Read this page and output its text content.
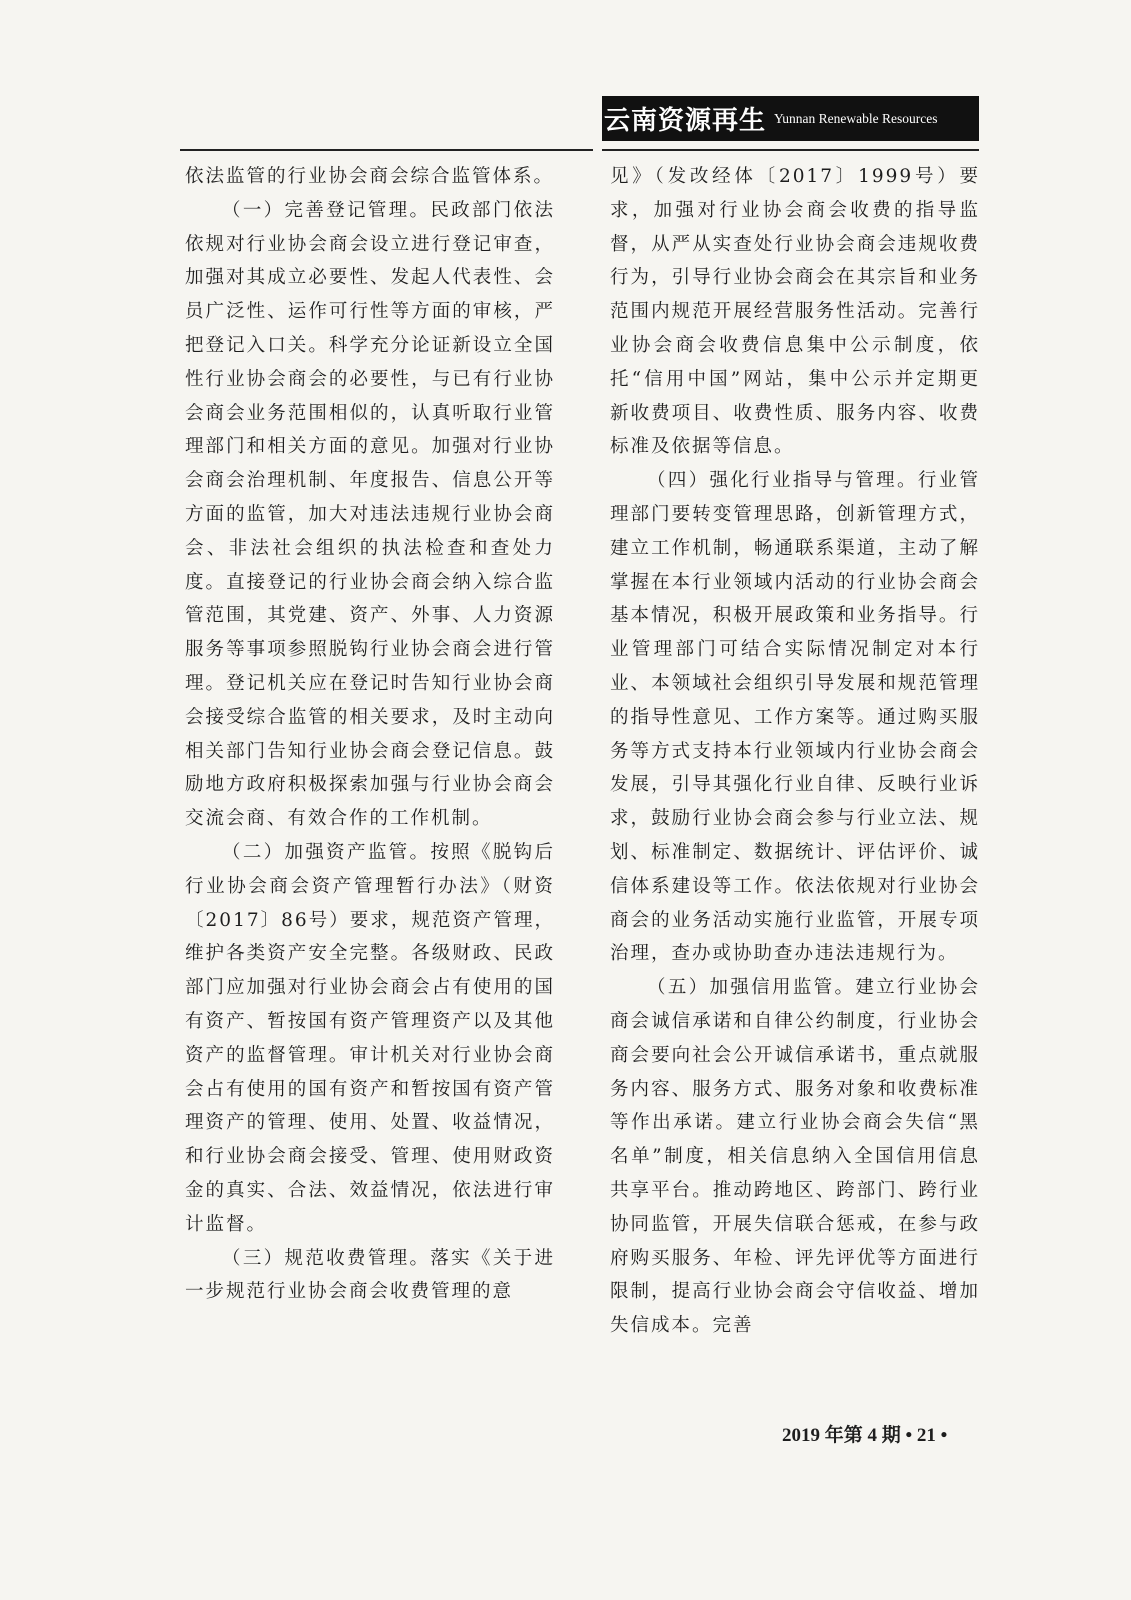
云南资源再生 Yunnan Renewable Resources

依法监管的行业协会商会综合监管体系。

（一）完善登记管理。民政部门依法依规对行业协会商会设立进行登记审查，加强对其成立必要性、发起人代表性、会员广泛性、运作可行性等方面的审核，严把登记入口关。科学充分论证新设立全国性行业协会商会的必要性，与已有行业协会商会业务范围相似的，认真听取行业管理部门和相关方面的意见。加强对行业协会商会治理机制、年度报告、信息公开等方面的监管，加大对违法违规行业协会商会、非法社会组织的执法检查和查处力度。直接登记的行业协会商会纳入综合监管范围，其党建、资产、外事、人力资源服务等事项参照脱钩行业协会商会进行管理。登记机关应在登记时告知行业协会商会接受综合监管的相关要求，及时主动向相关部门告知行业协会商会登记信息。鼓励地方政府积极探索加强与行业协会商会交流会商、有效合作的工作机制。

（二）加强资产监管。按照《脱钩后行业协会商会资产管理暂行办法》（财资〔2017〕86号）要求，规范资产管理，维护各类资产安全完整。各级财政、民政部门应加强对行业协会商会占有使用的国有资产、暂按国有资产管理资产以及其他资产的监督管理。审计机关对行业协会商会占有使用的国有资产和暂按国有资产管理资产的管理、使用、处置、收益情况，和行业协会商会接受、管理、使用财政资金的真实、合法、效益情况，依法进行审计监督。

（三）规范收费管理。落实《关于进一步规范行业协会商会收费管理的意

见》（发改经体〔2017〕1999号）要求，加强对行业协会商会收费的指导监督，从严从实查处行业协会商会违规收费行为，引导行业协会商会在其宗旨和业务范围内规范开展经营服务性活动。完善行业协会商会收费信息集中公示制度，依托“信用中国”网站，集中公示并定期更新收费项目、收费性质、服务内容、收费标准及依据等信息。

（四）强化行业指导与管理。行业管理部门要转变管理思路，创新管理方式，建立工作机制，畅通联系渠道，主动了解掌握在本行业领域内活动的行业协会商会基本情况，积极开展政策和业务指导。行业管理部门可结合实际情况制定对本行业、本领域社会组织引导发展和规范管理的指导性意见、工作方案等。通过购买服务等方式支持本行业领域内行业协会商会发展，引导其强化行业自律、反映行业诉求，鼓励行业协会商会参与行业立法、规划、标准制定、数据统计、评估评价、诚信体系建设等工作。依法依规对行业协会商会的业务活动实施行业监管，开展专项治理，查办或协助查办违法违规行为。

（五）加强信用监管。建立行业协会商会诚信承诺和自律公约制度，行业协会商会要向社会公开诚信承诺书，重点就服务内容、服务方式、服务对象和收费标准等作出承诺。建立行业协会商会失信“黑名单”制度，相关信息纳入全国信用信息共享平台。推动跨地区、跨部门、跨行业协同监管，开展失信联合惩戒，在参与政府购买服务、年检、评先评优等方面进行限制，提高行业协会商会守信收益、增加失信成本。完善

2019 年第 4 期 • 21 •
